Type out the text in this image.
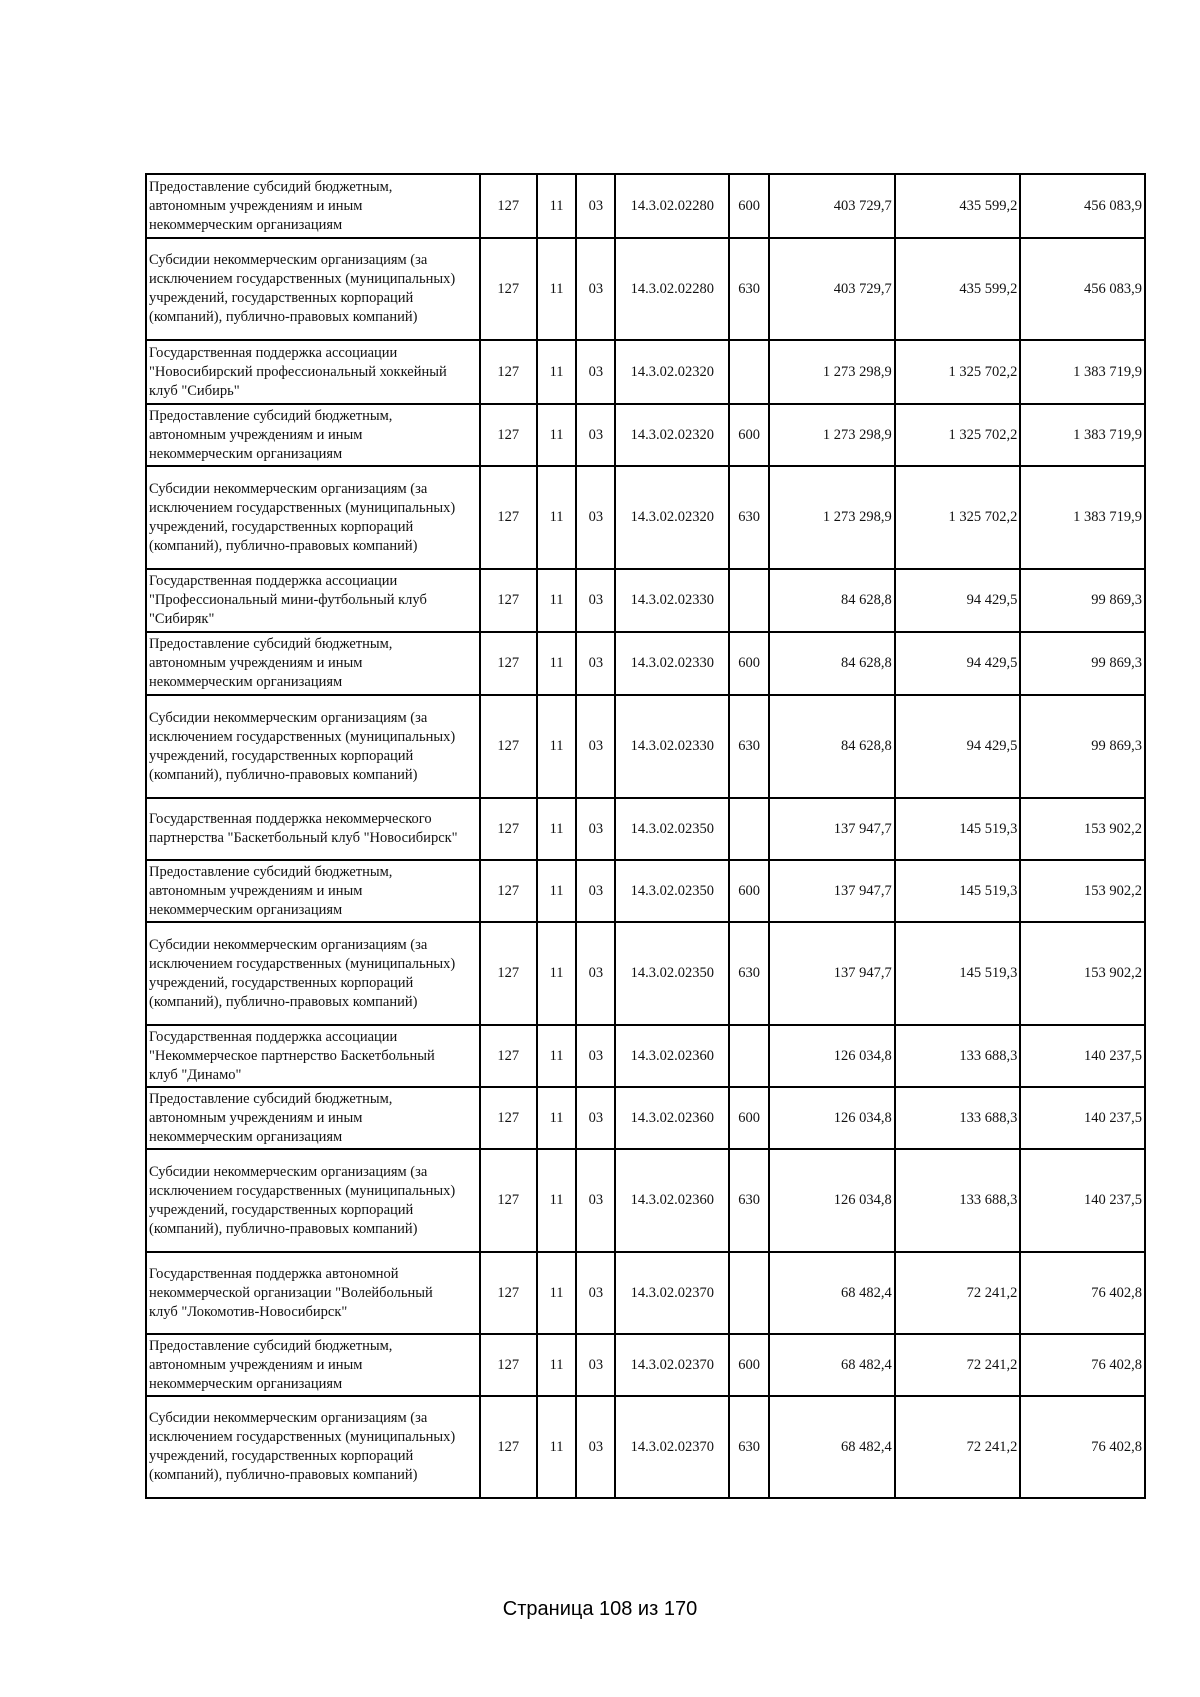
Предоставление субсидий бюджетным,
автономным учреждениям и иным
некоммерческим организациям	127	11	03	14.3.02.02280	600	403 729,7	435 599,2	456 083,9

Субсидии некоммерческим организациям (за
исключением государственных (муниципальных)
учреждений, государственных корпораций
(компаний), публично-правовых компаний)	127	11	03	14.3.02.02280	630	403 729,7	435 599,2	456 083,9

Государственная поддержка ассоциации
"Новосибирский профессиональный хоккейный
клуб "Сибирь"	127	11	03	14.3.02.02320		1 273 298,9	1 325 702,2	1 383 719,9

Предоставление субсидий бюджетным,
автономным учреждениям и иным
некоммерческим организациям	127	11	03	14.3.02.02320	600	1 273 298,9	1 325 702,2	1 383 719,9

Субсидии некоммерческим организациям (за
исключением государственных (муниципальных)
учреждений, государственных корпораций
(компаний), публично-правовых компаний)	127	11	03	14.3.02.02320	630	1 273 298,9	1 325 702,2	1 383 719,9

Государственная поддержка ассоциации
"Профессиональный мини-футбольный клуб
"Сибиряк"	127	11	03	14.3.02.02330		84 628,8	94 429,5	99 869,3

Предоставление субсидий бюджетным,
автономным учреждениям и иным
некоммерческим организациям	127	11	03	14.3.02.02330	600	84 628,8	94 429,5	99 869,3

Субсидии некоммерческим организациям (за
исключением государственных (муниципальных)
учреждений, государственных корпораций
(компаний), публично-правовых компаний)	127	11	03	14.3.02.02330	630	84 628,8	94 429,5	99 869,3

Государственная поддержка некоммерческого
партнерства "Баскетбольный клуб "Новосибирск"	127	11	03	14.3.02.02350		137 947,7	145 519,3	153 902,2

Предоставление субсидий бюджетным,
автономным учреждениям и иным
некоммерческим организациям	127	11	03	14.3.02.02350	600	137 947,7	145 519,3	153 902,2

Субсидии некоммерческим организациям (за
исключением государственных (муниципальных)
учреждений, государственных корпораций
(компаний), публично-правовых компаний)	127	11	03	14.3.02.02350	630	137 947,7	145 519,3	153 902,2

Государственная поддержка ассоциации
"Некоммерческое партнерство Баскетбольный
клуб "Динамо"	127	11	03	14.3.02.02360		126 034,8	133 688,3	140 237,5

Предоставление субсидий бюджетным,
автономным учреждениям и иным
некоммерческим организациям	127	11	03	14.3.02.02360	600	126 034,8	133 688,3	140 237,5

Субсидии некоммерческим организациям (за
исключением государственных (муниципальных)
учреждений, государственных корпораций
(компаний), публично-правовых компаний)	127	11	03	14.3.02.02360	630	126 034,8	133 688,3	140 237,5

Государственная поддержка автономной
некоммерческой организации "Волейбольный
клуб "Локомотив-Новосибирск"	127	11	03	14.3.02.02370		68 482,4	72 241,2	76 402,8

Предоставление субсидий бюджетным,
автономным учреждениям и иным
некоммерческим организациям	127	11	03	14.3.02.02370	600	68 482,4	72 241,2	76 402,8

Субсидии некоммерческим организациям (за
исключением государственных (муниципальных)
учреждений, государственных корпораций
(компаний), публично-правовых компаний)	127	11	03	14.3.02.02370	630	68 482,4	72 241,2	76 402,8
Страница 108 из 170
